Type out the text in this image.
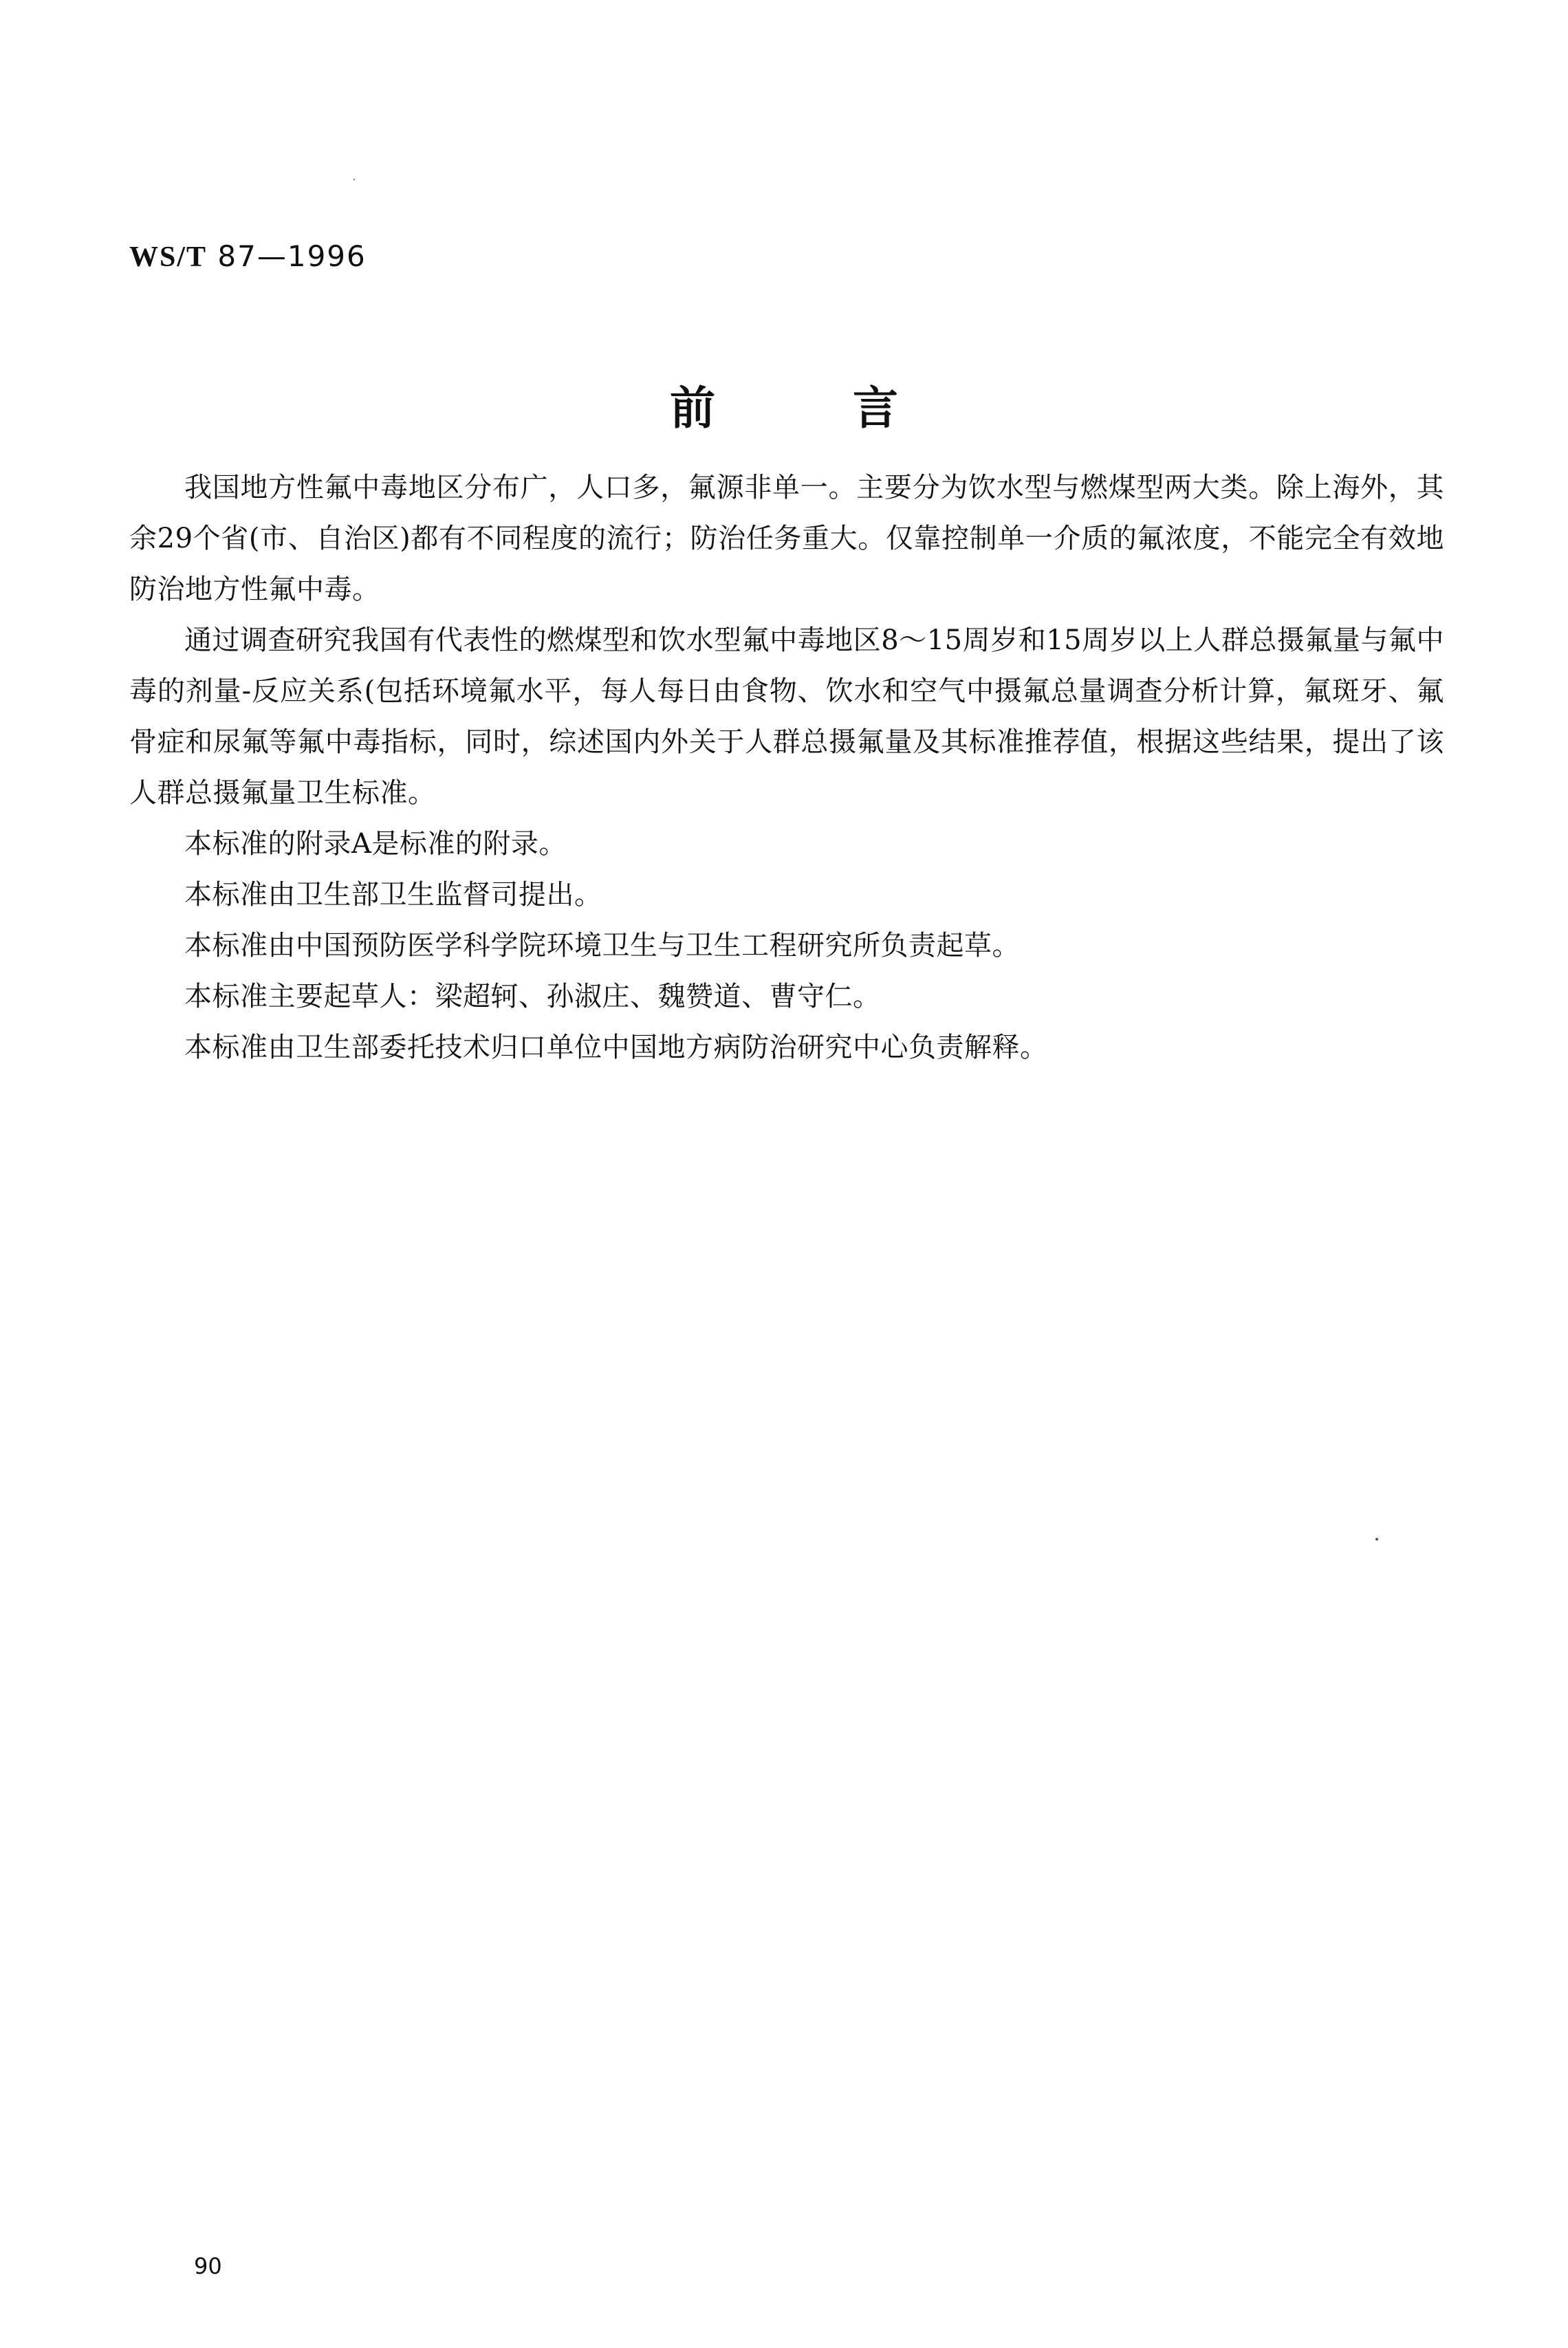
WS/T 87—1996
前言

我国地方性氟中毒地区分布广，人口多，氟源非单一。主要分为饮水型与燃煤型两大类。除上海外，其余29个省(市、自治区)都有不同程度的流行；防治任务重大。仅靠控制单一介质的氟浓度，不能完全有效地防治地方性氟中毒。

通过调查研究我国有代表性的燃煤型和饮水型氟中毒地区8～15周岁和15周岁以上人群总摄氟量与氟中毒的剂量-反应关系(包括环境氟水平，每人每日由食物、饮水和空气中摄氟总量调查分析计算，氟斑牙、氟骨症和尿氟等氟中毒指标，同时，综述国内外关于人群总摄氟量及其标准推荐值，根据这些结果，提出了该人群总摄氟量卫生标准。

本标准的附录A是标准的附录。

本标准由卫生部卫生监督司提出。

本标准由中国预防医学科学院环境卫生与卫生工程研究所负责起草。

本标准主要起草人：梁超轲、孙淑庄、魏赞道、曹守仁。

本标准由卫生部委托技术归口单位中国地方病防治研究中心负责解释。

90
